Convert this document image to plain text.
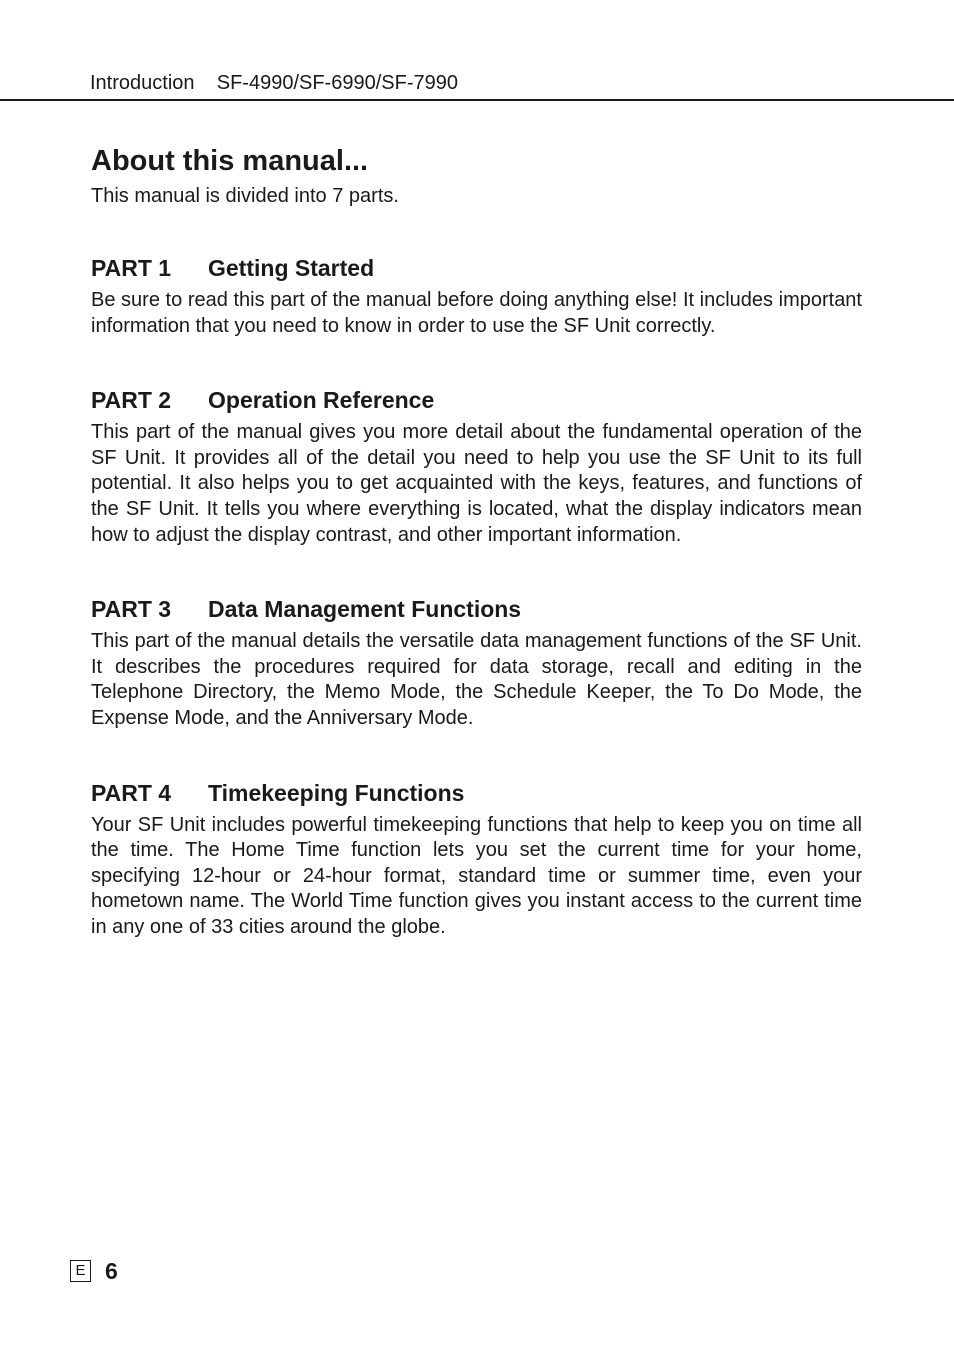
Introduction    SF-4990/SF-6990/SF-7990
About this manual...

This manual is divided into 7 parts.

PART 1	Getting Started

Be sure to read this part of the manual before doing anything else! It includes important information that you need to know in order to use the SF Unit correctly.

PART 2	Operation Reference

This part of the manual gives you more detail about the fundamental operation of the SF Unit. It provides all of the detail you need to help you use the SF Unit to its full potential. It also helps you to get acquainted with the keys, features, and functions of the SF Unit. It tells you where everything is located, what the display indicators mean how to adjust the display contrast, and other important information.

PART 3	Data Management Functions

This part of the manual details the versatile data management functions of the SF Unit. It describes the procedures required for data storage, recall and editing in the Telephone Directory, the Memo Mode, the Schedule Keeper, the To Do Mode, the Expense Mode, and the Anniversary Mode.

PART 4	Timekeeping Functions

Your SF Unit includes powerful timekeeping functions that help to keep you on time all the time. The Home Time function lets you set the current time for your home, specifying 12-hour or 24-hour format, standard time or summer time, even your hometown name. The World Time function gives you instant access to the current time in any one of 33 cities around the globe.

E 6
